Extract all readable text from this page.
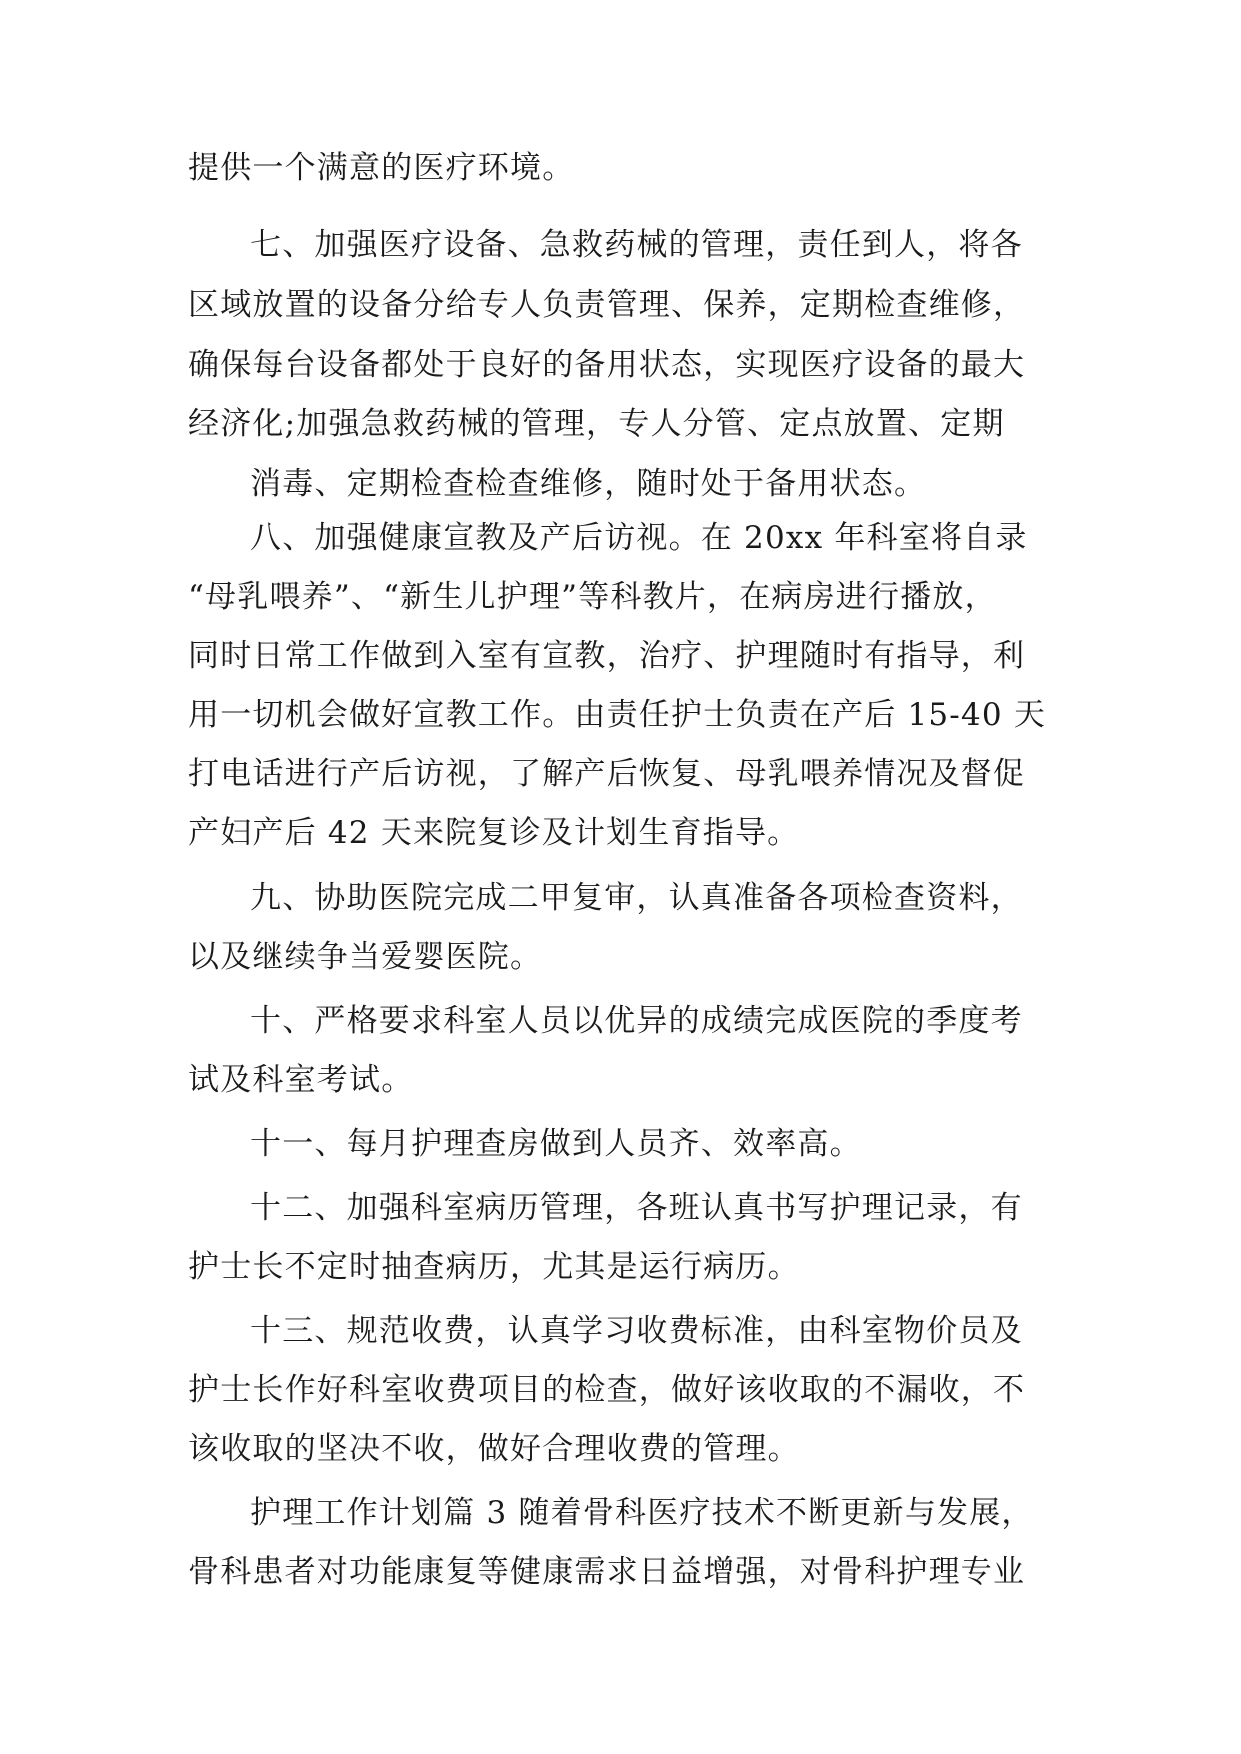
提供一个满意的医疗环境。

七、加强医疗设备、急救药械的管理，责任到人，将各

区域放置的设备分给专人负责管理、保养，定期检查维修，

确保每台设备都处于良好的备用状态，实现医疗设备的最大

经济化;加强急救药械的管理，专人分管、定点放置、定期

消毒、定期检查检查维修，随时处于备用状态。

八、加强健康宣教及产后访视。在 20xx 年科室将自录

“母乳喂养”、“新生儿护理”等科教片，在病房进行播放，

同时日常工作做到入室有宣教，治疗、护理随时有指导，利

用一切机会做好宣教工作。由责任护士负责在产后 15-40 天

打电话进行产后访视，了解产后恢复、母乳喂养情况及督促

产妇产后 42 天来院复诊及计划生育指导。

九、协助医院完成二甲复审，认真准备各项检查资料，

以及继续争当爱婴医院。

十、严格要求科室人员以优异的成绩完成医院的季度考

试及科室考试。

十一、每月护理查房做到人员齐、效率高。

十二、加强科室病历管理，各班认真书写护理记录，有

护士长不定时抽查病历，尤其是运行病历。

十三、规范收费，认真学习收费标准，由科室物价员及

护士长作好科室收费项目的检查，做好该收取的不漏收，不

该收取的坚决不收，做好合理收费的管理。

护理工作计划篇 3 随着骨科医疗技术不断更新与发展，

骨科患者对功能康复等健康需求日益增强，对骨科护理专业
